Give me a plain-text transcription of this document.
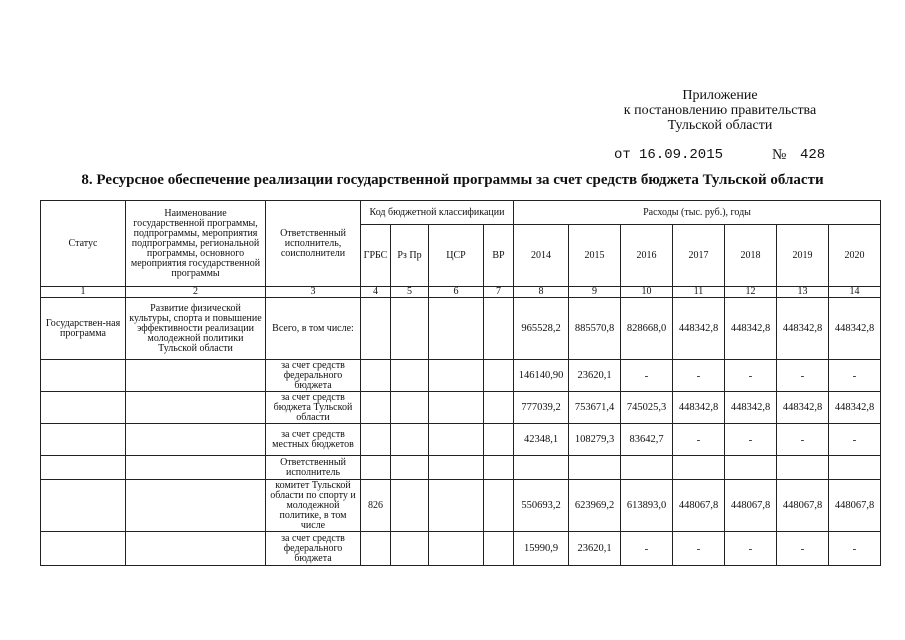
Приложение
к постановлению правительства
Тульской области
от 16.09.2015	№ 428
8. Ресурсное обеспечение реализации государственной программы за счет средств бюджета Тульской области
Статус	Наименование государственной программы, подпрограммы, мероприятия подпрограммы, региональной программы, основного мероприятия государственной программы	Ответственный исполнитель, соисполнители	Код бюджетной классификации				Расходы (тыс. руб.), годы						
			ГРБС	Рз Пр	ЦСР	ВР	2014	2015	2016	2017	2018	2019	2020
1	2	3	4	5	6	7	8	9	10	11	12	13	14
Государствен-ная программа	Развитие физической культуры, спорта и повышение эффективности реализации молодежной политики Тульской области	Всего, в том числе:					965528,2	885570,8	828668,0	448342,8	448342,8	448342,8	448342,8
		за счет средств федерального бюджета					146140,90	23620,1	-	-	-	-	-
		за счет средств бюджета Тульской области					777039,2	753671,4	745025,3	448342,8	448342,8	448342,8	448342,8
		за счет средств местных бюджетов					42348,1	108279,3	83642,7	-	-	-	-
		Ответственный исполнитель											
		комитет Тульской области по спорту и молодежной политике, в том числе	826				550693,2	623969,2	613893,0	448067,8	448067,8	448067,8	448067,8
		за счет средств федерального бюджета					15990,9	23620,1	-	-	-	-	-
